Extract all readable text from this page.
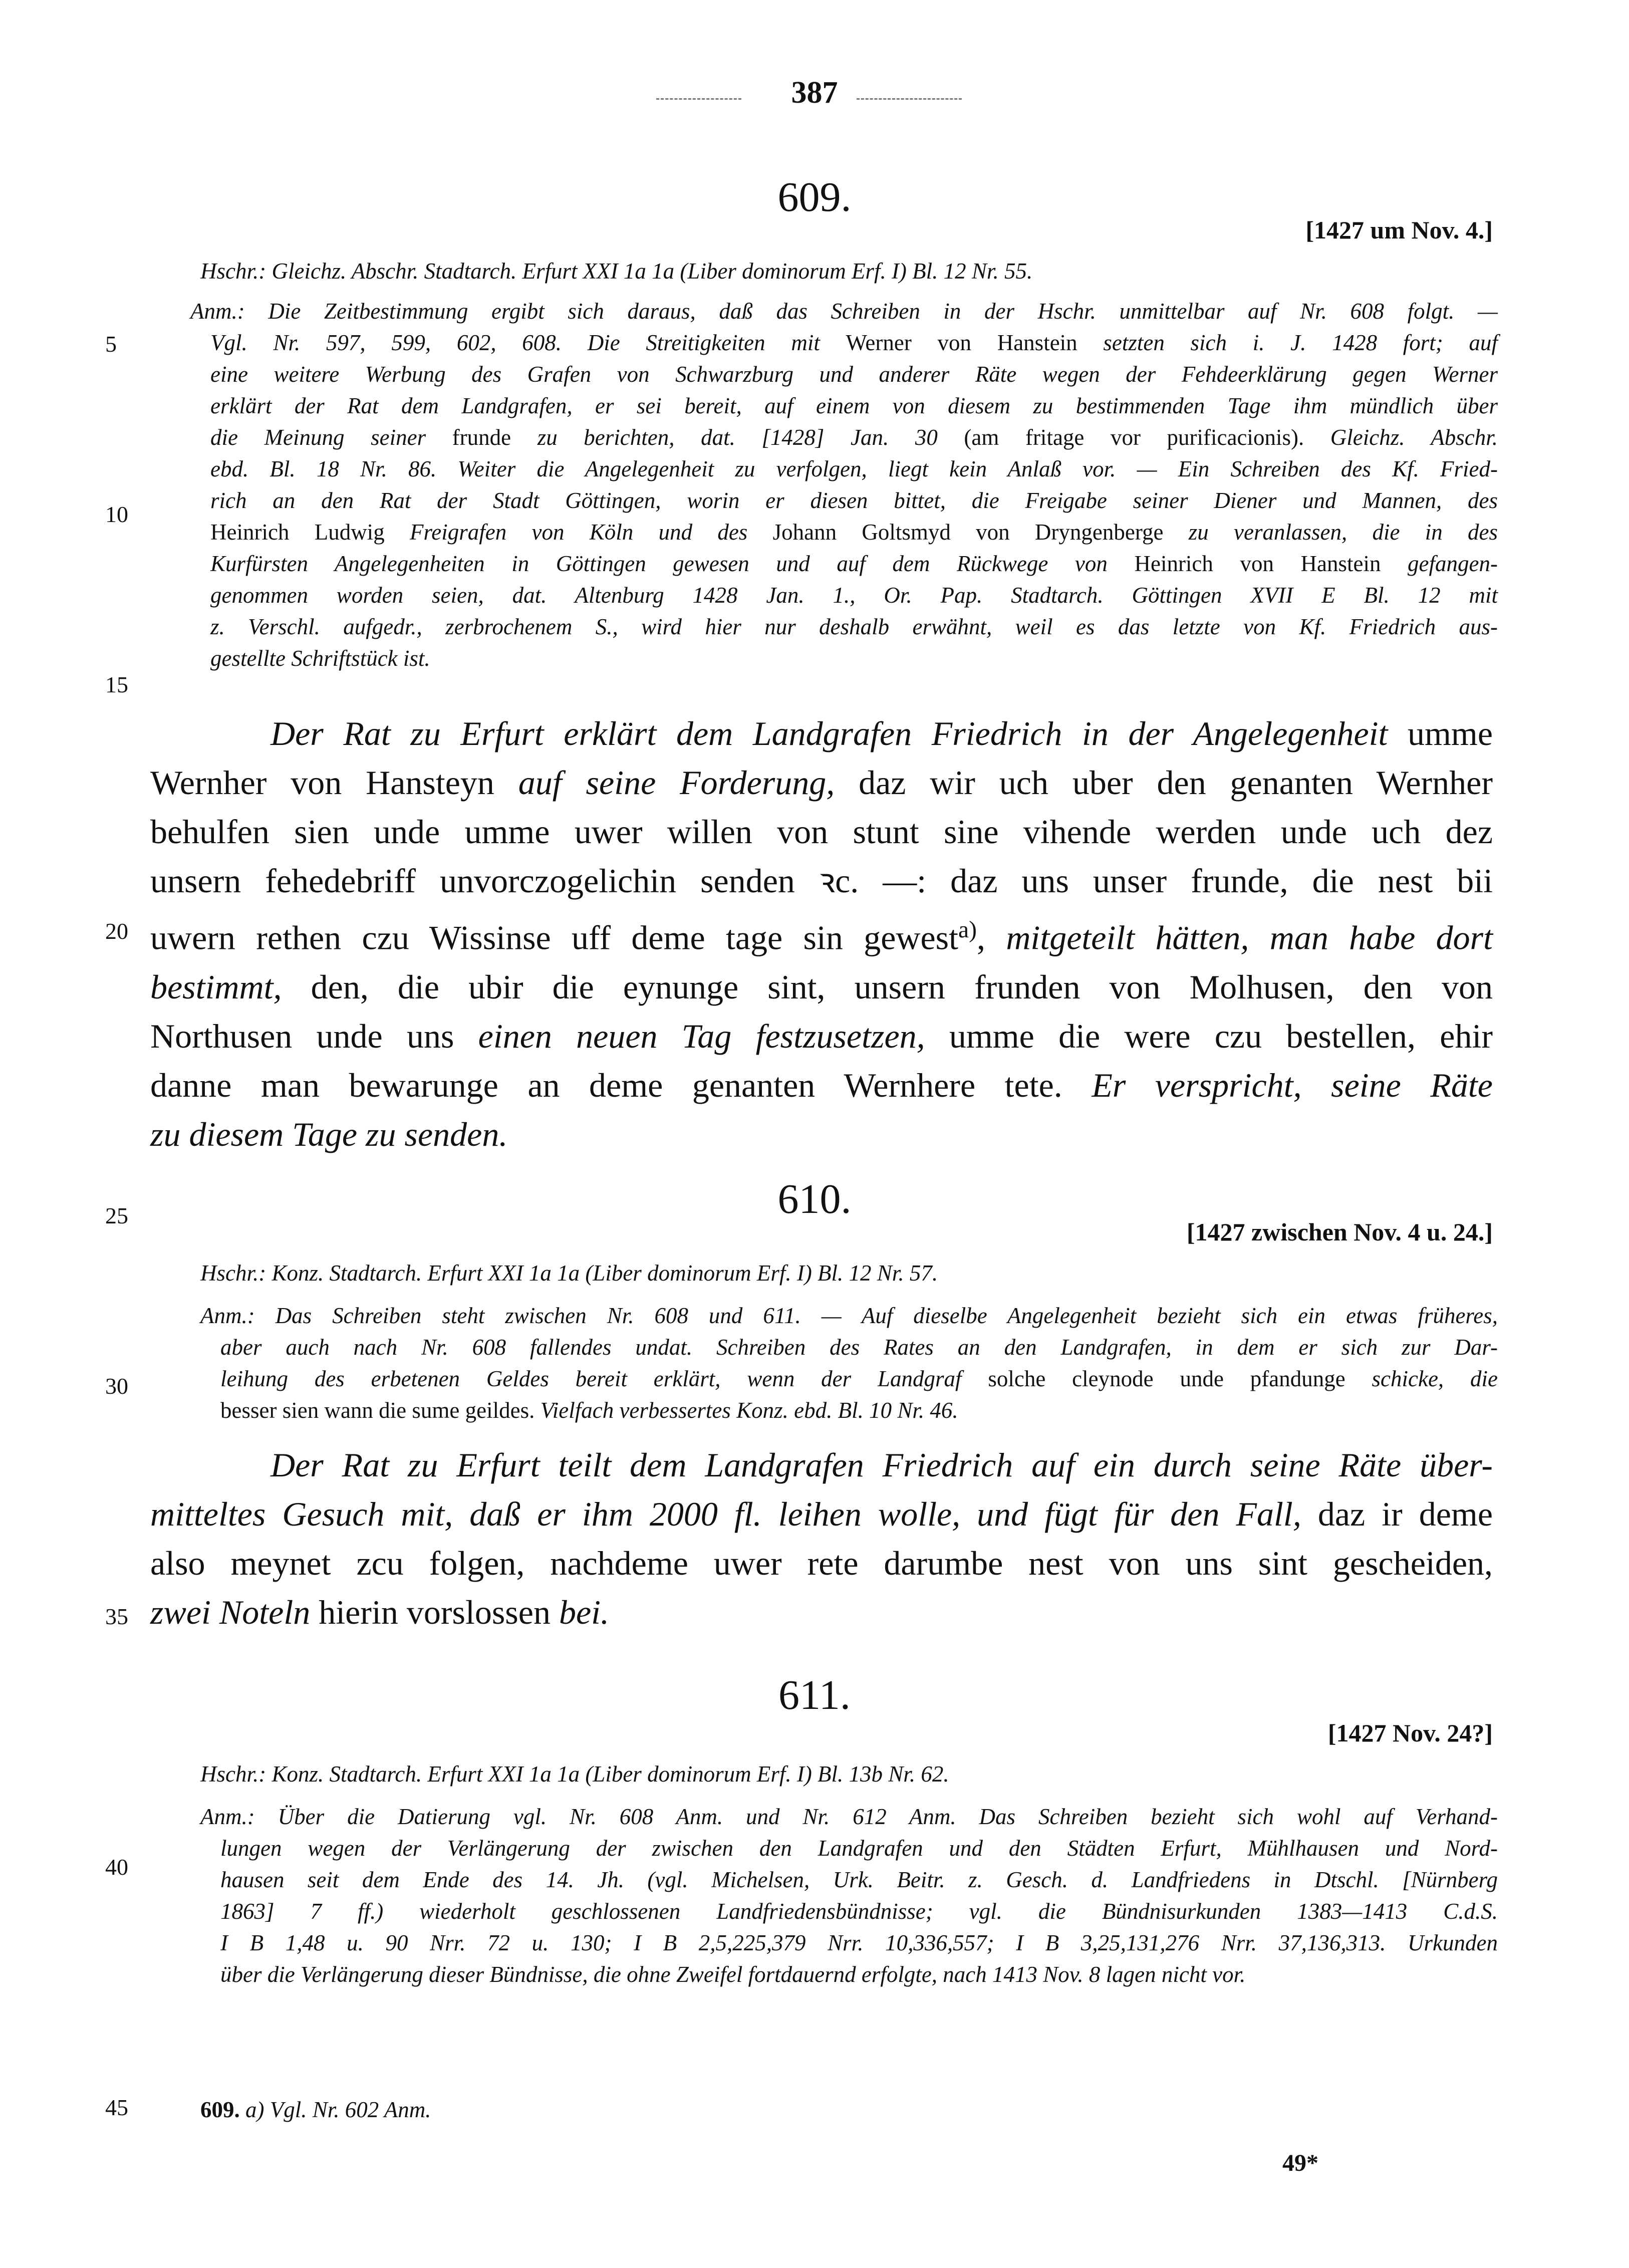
387
5
10
15
20
25
30
35
40
45
609.
[1427 um Nov. 4.]
Hschr.: Gleichz. Abschr. Stadtarch. Erfurt XXI 1a 1a (Liber dominorum Erf. I) Bl. 12 Nr. 55.
Anm.: Die Zeitbestimmung ergibt sich daraus, daß das Schreiben in der Hschr. unmittelbar auf Nr. 608 folgt. —
Vgl. Nr. 597, 599, 602, 608. Die Streitigkeiten mit Werner von Hanstein setzten sich i. J. 1428 fort; auf
eine weitere Werbung des Grafen von Schwarzburg und anderer Räte wegen der Fehdeerklärung gegen Werner
erklärt der Rat dem Landgrafen, er sei bereit, auf einem von diesem zu bestimmenden Tage ihm mündlich über
die Meinung seiner frunde zu berichten, dat. [1428] Jan. 30 (am fritage vor purificacionis). Gleichz. Abschr.
ebd. Bl. 18 Nr. 86. Weiter die Angelegenheit zu verfolgen, liegt kein Anlaß vor. — Ein Schreiben des Kf. Fried-
rich an den Rat der Stadt Göttingen, worin er diesen bittet, die Freigabe seiner Diener und Mannen, des
Heinrich Ludwig Freigrafen von Köln und des Johann Goltsmyd von Dryngenberge zu veranlassen, die in des
Kurfürsten Angelegenheiten in Göttingen gewesen und auf dem Rückwege von Heinrich von Hanstein gefangen-
genommen worden seien, dat. Altenburg 1428 Jan. 1., Or. Pap. Stadtarch. Göttingen XVII E Bl. 12 mit
z. Verschl. aufgedr., zerbrochenem S., wird hier nur deshalb erwähnt, weil es das letzte von Kf. Friedrich aus-
gestellte Schriftstück ist.
Der Rat zu Erfurt erklärt dem Landgrafen Friedrich in der Angelegenheit umme
Wernher von Hansteyn auf seine Forderung, daz wir uch uber den genanten Wernher
behulfen sien unde umme uwer willen von stunt sine vihende werden unde uch dez
unsern fehedebriff unvorczogelichin senden ꝛc. —: daz uns unser frunde, die nest bii
uwern rethen czu Wissinse uff deme tage sin gewest$^{a)}$, mitgeteilt hätten, man habe dort
bestimmt, den, die ubir die eynunge sint, unsern frunden von Molhusen, den von
Northusen unde uns einen neuen Tag festzusetzen, umme die were czu bestellen, ehir
danne man bewarunge an deme genanten Wernhere tete. Er verspricht, seine Räte
zu diesem Tage zu senden.
610.
[1427 zwischen Nov. 4 u. 24.]
Hschr.: Konz. Stadtarch. Erfurt XXI 1a 1a (Liber dominorum Erf. I) Bl. 12 Nr. 57.
Anm.: Das Schreiben steht zwischen Nr. 608 und 611. — Auf dieselbe Angelegenheit bezieht sich ein etwas früheres,
aber auch nach Nr. 608 fallendes undat. Schreiben des Rates an den Landgrafen, in dem er sich zur Dar-
leihung des erbetenen Geldes bereit erklärt, wenn der Landgraf solche cleynode unde pfandunge schicke, die
besser sien wann die sume geildes. Vielfach verbessertes Konz. ebd. Bl. 10 Nr. 46.
Der Rat zu Erfurt teilt dem Landgrafen Friedrich auf ein durch seine Räte über-
mitteltes Gesuch mit, daß er ihm 2000 fl. leihen wolle, und fügt für den Fall, daz ir deme
also meynet zcu folgen, nachdeme uwer rete darumbe nest von uns sint gescheiden,
zwei Noteln hierin vorslossen bei.
611.
[1427 Nov. 24?]
Hschr.: Konz. Stadtarch. Erfurt XXI 1a 1a (Liber dominorum Erf. I) Bl. 13b Nr. 62.
Anm.: Über die Datierung vgl. Nr. 608 Anm. und Nr. 612 Anm. Das Schreiben bezieht sich wohl auf Verhand-
lungen wegen der Verlängerung der zwischen den Landgrafen und den Städten Erfurt, Mühlhausen und Nord-
hausen seit dem Ende des 14. Jh. (vgl. Michelsen, Urk. Beitr. z. Gesch. d. Landfriedens in Dtschl. [Nürnberg
1863] 7 ff.) wiederholt geschlossenen Landfriedensbündnisse; vgl. die Bündnisurkunden 1383—1413 C.d.S.
I B 1,48 u. 90 Nrr. 72 u. 130; I B 2,5,225,379 Nrr. 10,336,557; I B 3,25,131,276 Nrr. 37,136,313. Urkunden
über die Verlängerung dieser Bündnisse, die ohne Zweifel fortdauernd erfolgte, nach 1413 Nov. 8 lagen nicht vor.
609. a) Vgl. Nr. 602 Anm.
49*
